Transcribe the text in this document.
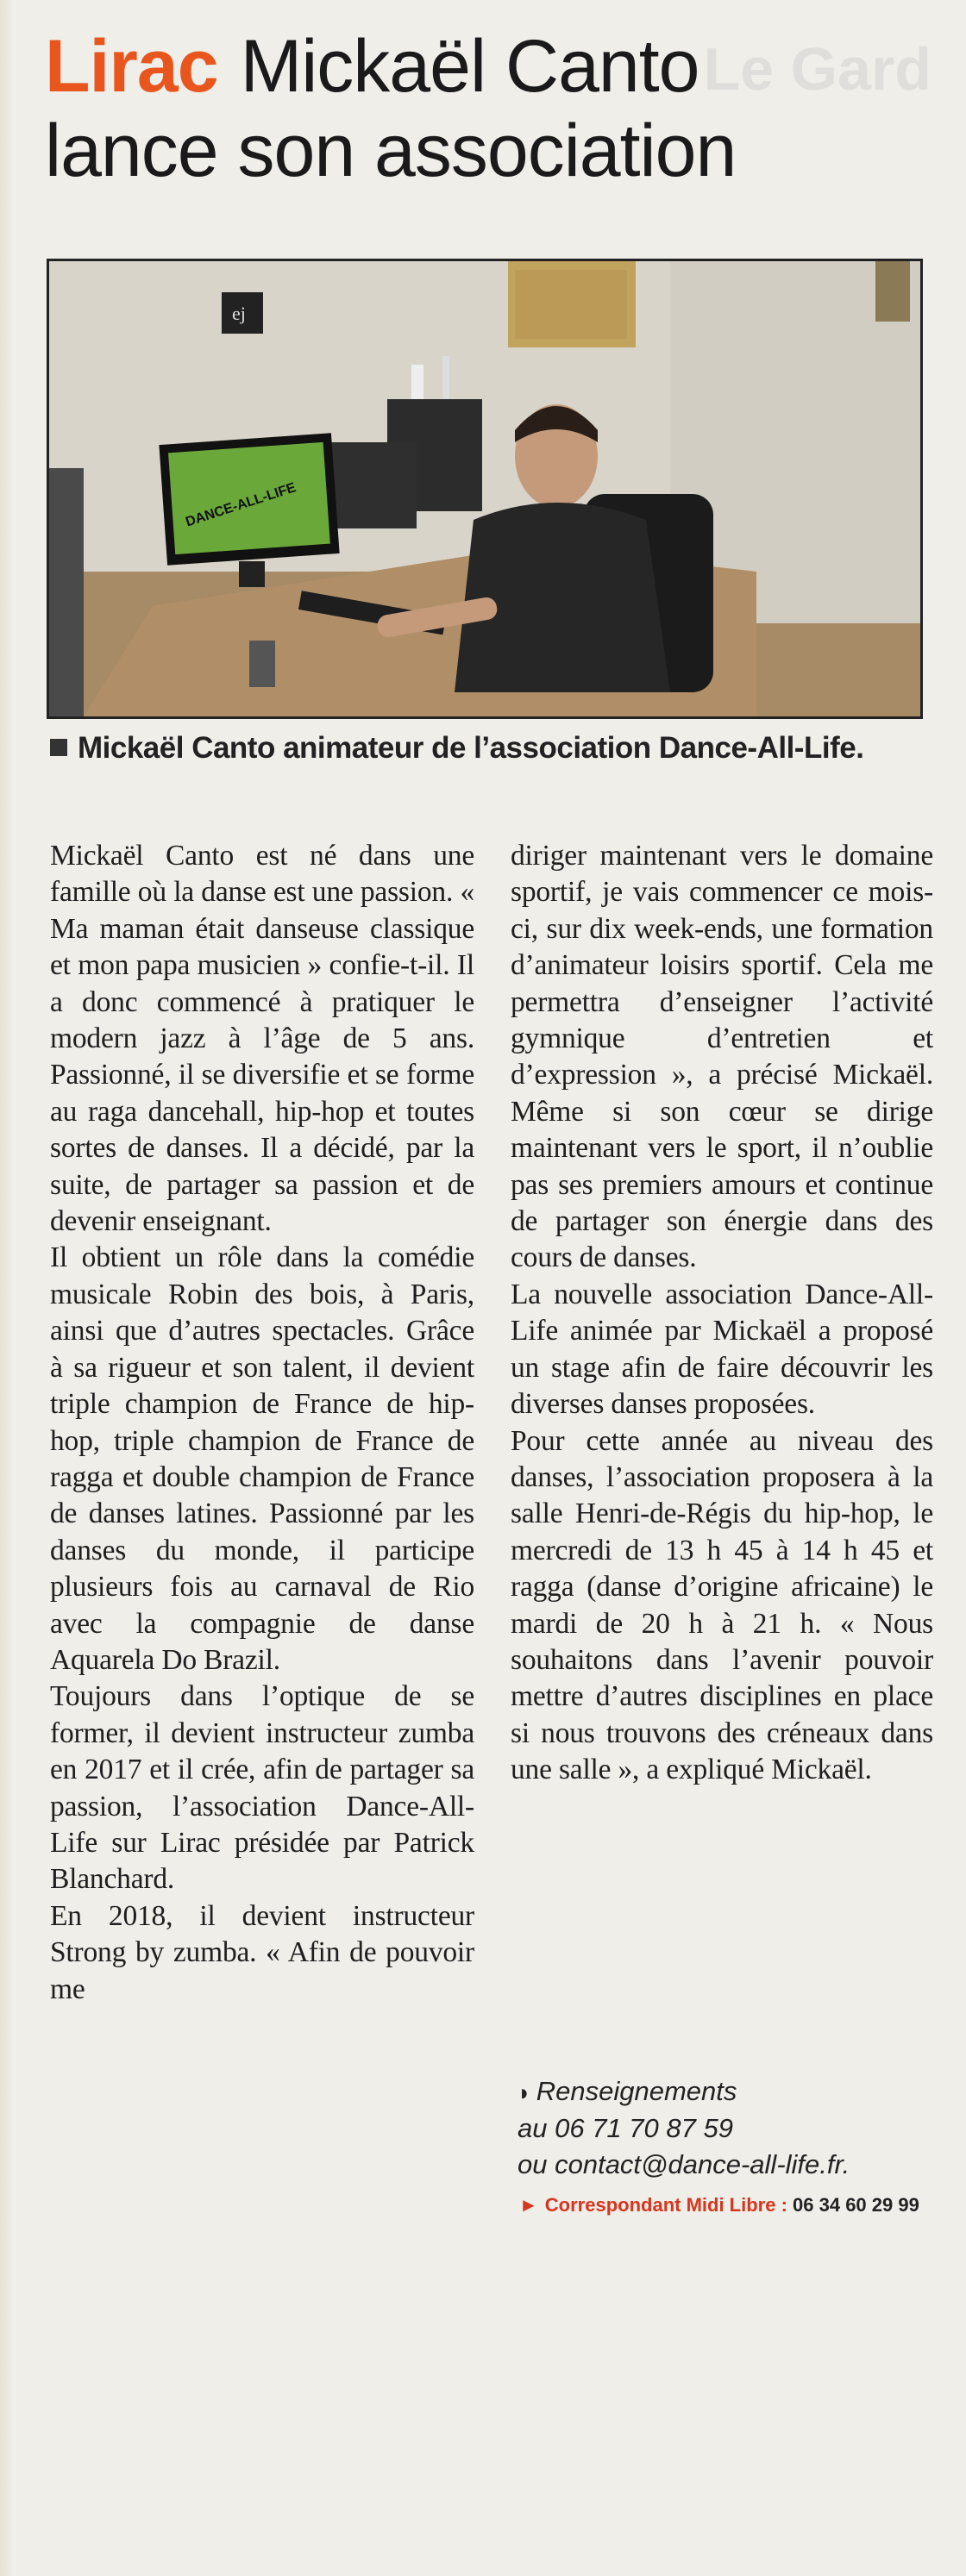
Le Gard
Lirac Mickaël Canto
lance son association
ej
DANCE-ALL-LIFE
Mickaël Canto animateur de l’association Dance-All-Life.

Mickaël Canto est né dans une famille où la danse est une passion. « Ma maman était danseuse classique et mon papa musicien » confie-t-il. Il a donc commencé à pratiquer le modern jazz à l’âge de 5 ans. Passionné, il se diversifie et se forme au raga dancehall, hip-hop et toutes sortes de danses. Il a décidé, par la suite, de partager sa passion et de devenir enseignant.

Il obtient un rôle dans la comédie musicale Robin des bois, à Paris, ainsi que d’autres spectacles. Grâce à sa rigueur et son talent, il devient triple champion de France de hip-hop, triple champion de France de ragga et double champion de France de danses latines. Passionné par les danses du monde, il participe plusieurs fois au carnaval de Rio avec la compagnie de danse Aquarela Do Brazil.

Toujours dans l’optique de se former, il devient instructeur zumba en 2017 et il crée, afin de partager sa passion, l’association Dance-All-Life sur Lirac présidée par Patrick Blanchard.

En 2018, il devient instructeur Strong by zumba. « Afin de pouvoir me

diriger maintenant vers le domaine sportif, je vais commencer ce mois-ci, sur dix week-ends, une formation d’animateur loisirs sportif. Cela me permettra d’enseigner l’activité gymnique d’entretien et d’expression », a précisé Mickaël. Même si son cœur se dirige maintenant vers le sport, il n’oublie pas ses premiers amours et continue de partager son énergie dans des cours de danses.

La nouvelle association Dance-All-Life animée par Mickaël a proposé un stage afin de faire découvrir les diverses danses proposées.

Pour cette année au niveau des danses, l’association proposera à la salle Henri-de-Régis du hip-hop, le mercredi de 13 h 45 à 14 h 45 et ragga (danse d’origine africaine) le mardi de 20 h à 21 h. « Nous souhaitons dans l’avenir pouvoir mettre d’autres disciplines en place si nous trouvons des créneaux dans une salle », a expliqué Mickaël.

◗ Renseignements
au 06 71 70 87 59
ou contact@dance-all-life.fr.
► Correspondant Midi Libre : 06 34 60 29 99
